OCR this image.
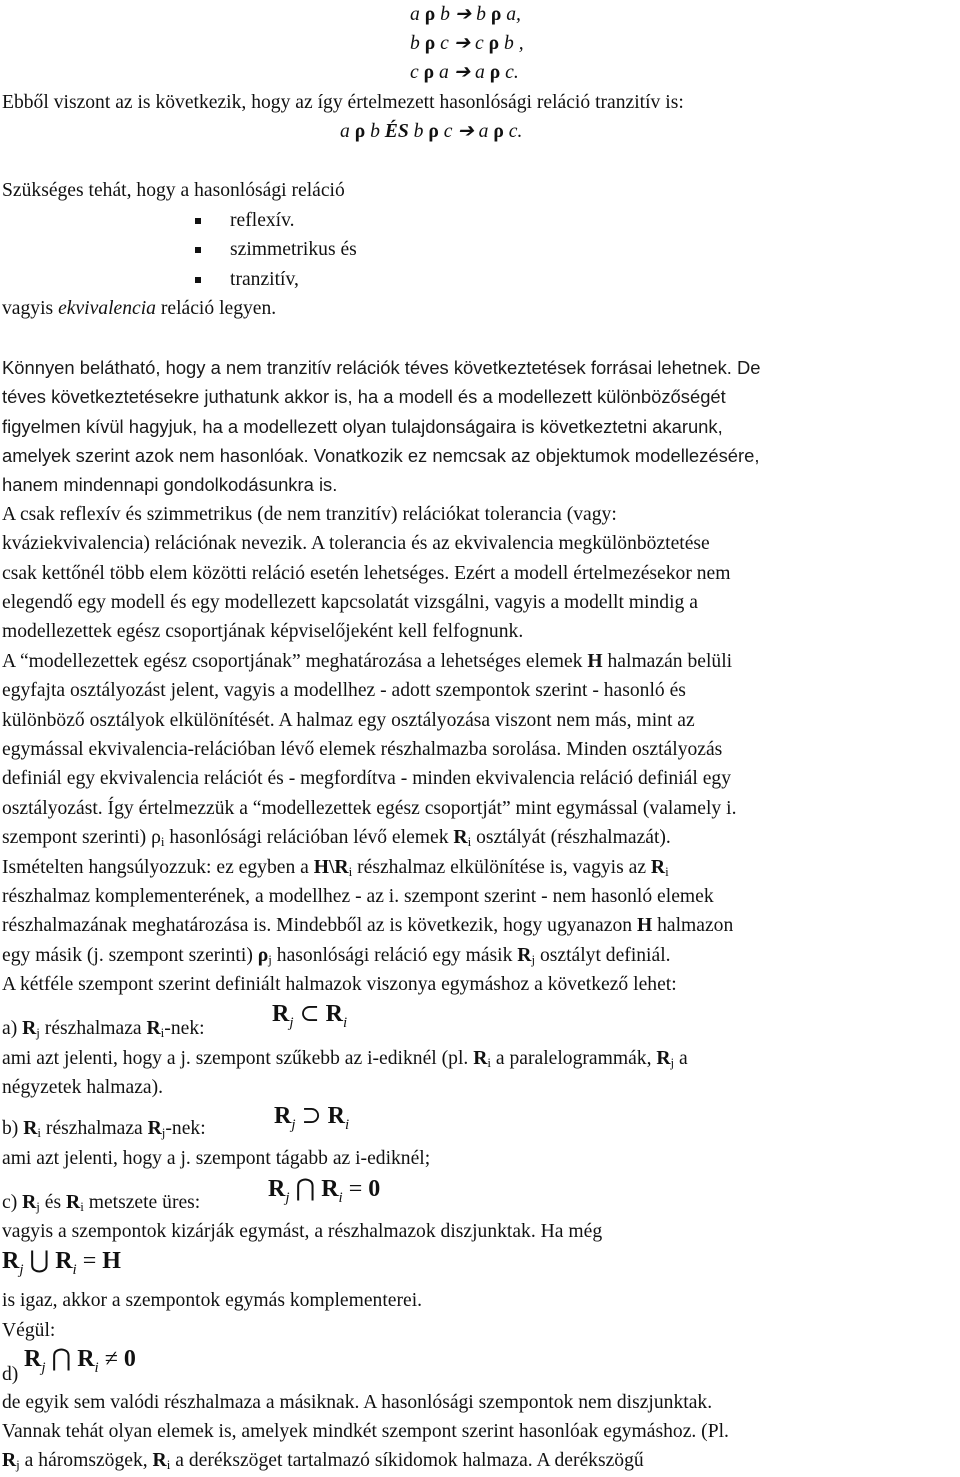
a ρ b ➔ b ρ a,
b ρ c ➔ c ρ b ,
c ρ a ➔ a ρ c.
Ebből viszont az is következik, hogy az így értelmezett hasonlósági reláció tranzitív is:
a ρ b ÉS b ρ c ➔ a ρ c.
Szükséges tehát, hogy a hasonlósági reláció
reflexív.
szimmetrikus és
tranzitív,
vagyis ekvivalencia reláció legyen.
Könnyen belátható, hogy a nem tranzitív relációk téves következtetések forrásai lehetnek. De
téves következtetésekre juthatunk akkor is, ha a modell és a modellezett különbözőségét
figyelmen kívül hagyjuk, ha a modellezett olyan tulajdonságaira is következtetni akarunk,
amelyek szerint azok nem hasonlóak. Vonatkozik ez nemcsak az objektumok modellezésére,
hanem mindennapi gondolkodásunkra is.
A csak reflexív és szimmetrikus (de nem tranzitív) relációkat tolerancia (vagy:
kváziekvivalencia) relációnak nevezik. A tolerancia és az ekvivalencia megkülönböztetése
csak kettőnél több elem közötti reláció esetén lehetséges. Ezért a modell értelmezésekor nem
elegendő egy modell és egy modellezett kapcsolatát vizsgálni, vagyis a modellt mindig a
modellezettek egész csoportjának képviselőjeként kell felfognunk.
A “modellezettek egész csoportjának” meghatározása a lehetséges elemek H halmazán belüli
egyfajta osztályozást jelent, vagyis a modellhez - adott szempontok szerint - hasonló és
különböző osztályok elkülönítését. A halmaz egy osztályozása viszont nem más, mint az
egymással ekvivalencia-relációban lévő elemek részhalmazba sorolása. Minden osztályozás
definiál egy ekvivalencia relációt és - megfordítva - minden ekvivalencia reláció definiál egy
osztályozást. Így értelmezzük a “modellezettek egész csoportját” mint egymással (valamely i.
szempont szerinti) $\rho_i$ hasonlósági relációban lévő elemek $R_i$ osztályát (részhalmazát).
Ismételten hangsúlyozzuk: ez egyben a $H\backslash R_i$ részhalmaz elkülönítése is, vagyis az $R_i$
részhalmaz komplementerének, a modellhez - az i. szempont szerint - nem hasonló elemek
részhalmazának meghatározása is. Mindebből az is következik, hogy ugyanazon H halmazon
egy másik (j. szempont szerinti) $\rho_j$ hasonlósági reláció egy másik $R_j$ osztályt definiál.
A kétféle szempont szerint definiált halmazok viszonya egymáshoz a következő lehet:
a) $R_j$ részhalmaza $R_i$-nek:
$R_j$ ⊂ $R_i$
ami azt jelenti, hogy a j. szempont szűkebb az i-ediknél (pl. $R_i$ a paralelogrammák, $R_j$ a
négyzetek halmaza).
b) $R_i$ részhalmaza $R_j$-nek:	$R_j$ ⊃ $R_i$
ami azt jelenti, hogy a j. szempont tágabb az i-ediknél;
c) $R_j$ és $R_i$ metszete üres:
$R_j$ ⋂ $R_i = 0$
vagyis a szempontok kizárják egymást, a részhalmazok diszjunktak. Ha még
$R_j$ ⋃ $R_i = H$
is igaz, akkor a szempontok egymás komplementerei.
Végül:
d)
$R_j$ ⋂ $R_i \ne 0$
de egyik sem valódi részhalmaza a másiknak. A hasonlósági szempontok nem diszjunktak.
Vannak tehát olyan elemek is, amelyek mindkét szempont szerint hasonlóak egymáshoz. (Pl.
$R_j$ a háromszögek, $R_i$ a derékszöget tartalmazó síkidomok halmaza. A derékszögű
